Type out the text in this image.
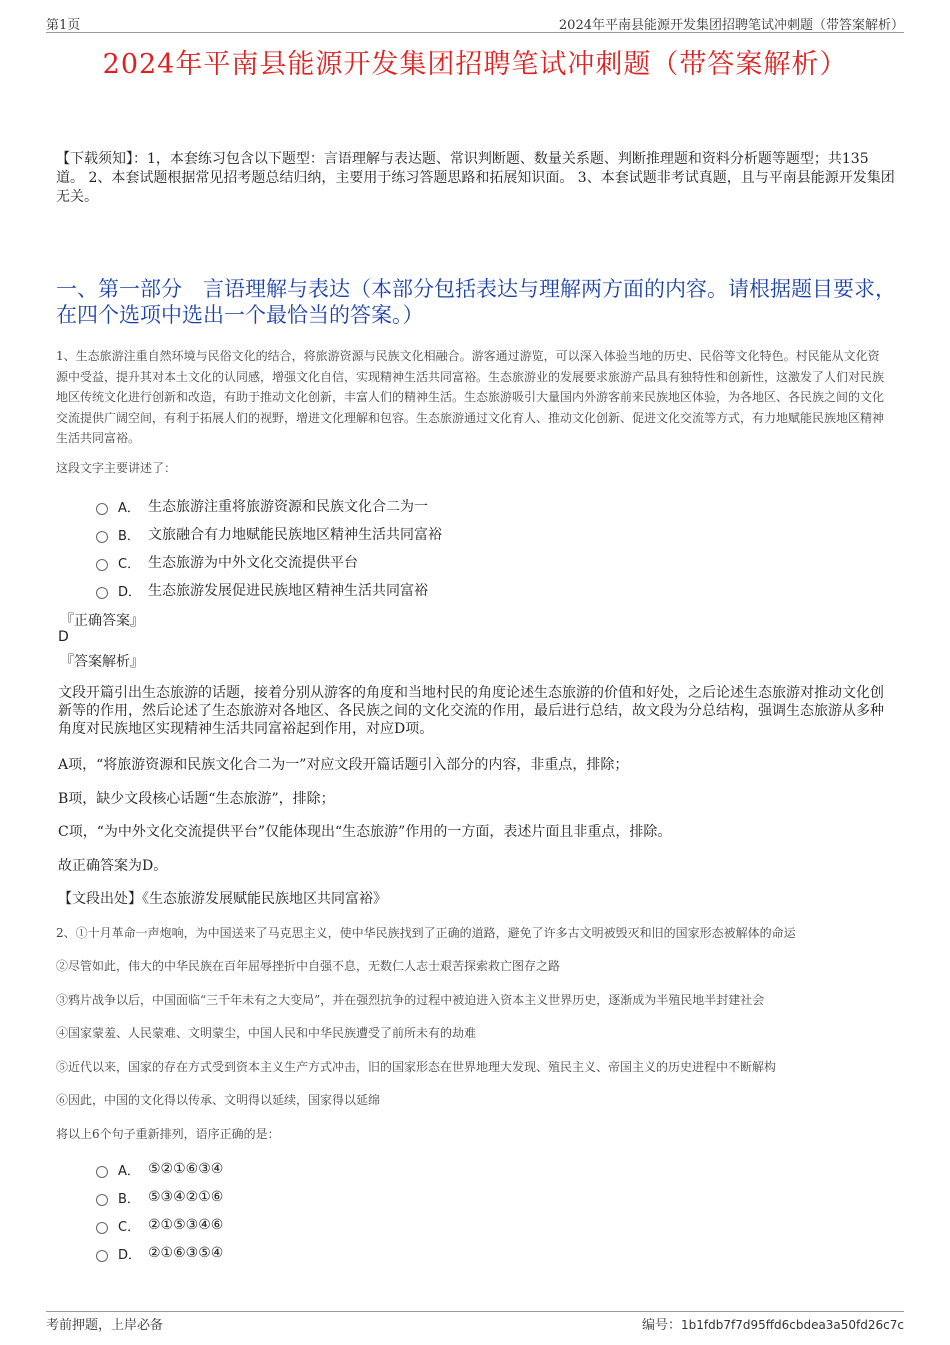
第1页	2024年平南县能源开发集团招聘笔试冲刺题（带答案解析）
2024年平南县能源开发集团招聘笔试冲刺题（带答案解析）
【下载须知】：1，本套练习包含以下题型：言语理解与表达题、常识判断题、数量关系题、判断推理题和资料分析题等题型；共135道。 2、本套试题根据常见招考题总结归纳，主要用于练习答题思路和拓展知识面。 3、本套试题非考试真题，且与平南县能源开发集团无关。
一、第一部分　言语理解与表达（本部分包括表达与理解两方面的内容。请根据题目要求，在四个选项中选出一个最恰当的答案。）
1、生态旅游注重自然环境与民俗文化的结合，将旅游资源与民族文化相融合。游客通过游览，可以深入体验当地的历史、民俗等文化特色。村民能从文化资源中受益，提升其对本土文化的认同感，增强文化自信，实现精神生活共同富裕。生态旅游业的发展要求旅游产品具有独特性和创新性，这激发了人们对民族地区传统文化进行创新和改造，有助于推动文化创新，丰富人们的精神生活。生态旅游吸引大量国内外游客前来民族地区体验，为各地区、各民族之间的文化交流提供广阔空间，有利于拓展人们的视野，增进文化理解和包容。生态旅游通过文化育人、推动文化创新、促进文化交流等方式，有力地赋能民族地区精神生活共同富裕。
这段文字主要讲述了：
A． 生态旅游注重将旅游资源和民族文化合二为一
B． 文旅融合有力地赋能民族地区精神生活共同富裕
C． 生态旅游为中外文化交流提供平台
D． 生态旅游发展促进民族地区精神生活共同富裕
『正确答案』
D
『答案解析』
文段开篇引出生态旅游的话题，接着分别从游客的角度和当地村民的角度论述生态旅游的价值和好处，之后论述生态旅游对推动文化创新等的作用，然后论述了生态旅游对各地区、各民族之间的文化交流的作用，最后进行总结，故文段为分总结构，强调生态旅游从多种角度对民族地区实现精神生活共同富裕起到作用，对应D项。
A项，“将旅游资源和民族文化合二为一”对应文段开篇话题引入部分的内容，非重点，排除；
B项，缺少文段核心话题“生态旅游”，排除；
C项，“为中外文化交流提供平台”仅能体现出“生态旅游”作用的一方面，表述片面且非重点，排除。
故正确答案为D。
【文段出处】《生态旅游发展赋能民族地区共同富裕》
2、①十月革命一声炮响，为中国送来了马克思主义，使中华民族找到了正确的道路，避免了许多古文明被毁灭和旧的国家形态被解体的命运
②尽管如此，伟大的中华民族在百年屈辱挫折中自强不息，无数仁人志士艰苦探索救亡图存之路
③鸦片战争以后，中国面临“三千年未有之大变局”，并在强烈抗争的过程中被迫进入资本主义世界历史，逐渐成为半殖民地半封建社会
④国家蒙羞、人民蒙难、文明蒙尘，中国人民和中华民族遭受了前所未有的劫难
⑤近代以来，国家的存在方式受到资本主义生产方式冲击，旧的国家形态在世界地理大发现、殖民主义、帝国主义的历史进程中不断解构
⑥因此，中国的文化得以传承、文明得以延续，国家得以延绵
将以上6个句子重新排列，语序正确的是：
A． ⑤②①⑥③④
B． ⑤③④②①⑥
C． ②①⑤③④⑥
D． ②①⑥③⑤④
考前押题，上岸必备	编号：1b1fdb7f7d95ffd6cbdea3a50fd26c7c
